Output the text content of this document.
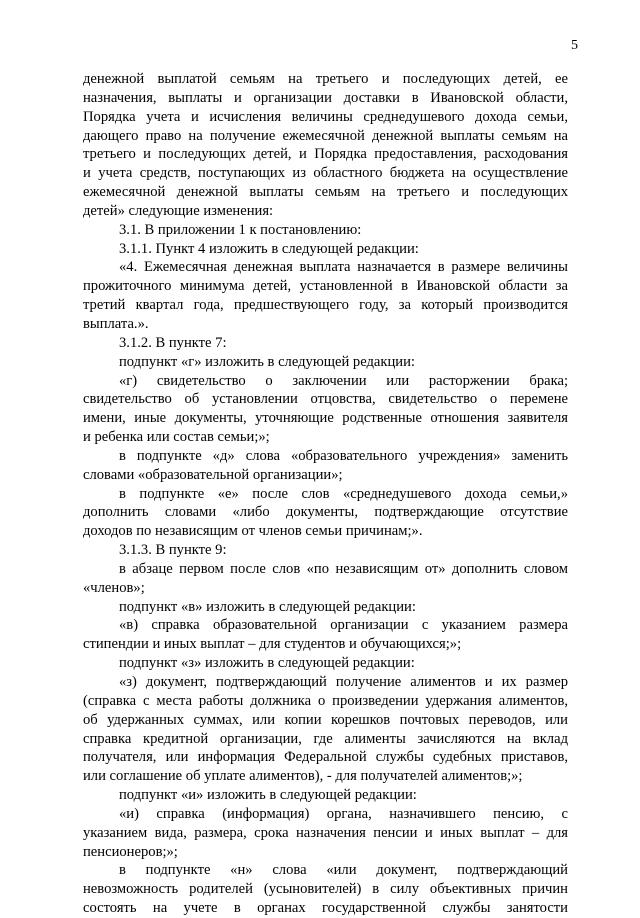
5
денежной выплатой семьям на третьего и последующих детей, ее
назначения, выплаты и организации доставки в Ивановской области,
Порядка учета и исчисления величины среднедушевого дохода семьи,
дающего право на получение ежемесячной денежной выплаты семьям на
третьего и последующих детей, и Порядка предоставления, расходования
и учета средств, поступающих из областного бюджета на осуществление
ежемесячной денежной выплаты семьям на третьего и последующих
детей» следующие изменения:
3.1. В приложении 1 к постановлению:
3.1.1. Пункт 4 изложить в следующей редакции:
«4. Ежемесячная денежная выплата назначается в размере величины
прожиточного минимума детей, установленной в Ивановской области за
третий квартал года, предшествующего году, за который производится
выплата.».
3.1.2. В пункте 7:
подпункт «г» изложить в следующей редакции:
«г) свидетельство о заключении или расторжении брака;
свидетельство об установлении отцовства, свидетельство о перемене
имени, иные документы, уточняющие родственные отношения заявителя
и ребенка или состав семьи;»;
в подпункте «д» слова «образовательного учреждения» заменить
словами «образовательной организации»;
в подпункте «е» после слов «среднедушевого дохода семьи,»
дополнить словами «либо документы, подтверждающие отсутствие
доходов по независящим от членов семьи причинам;».
3.1.3. В пункте 9:
в абзаце первом после слов «по независящим от» дополнить словом
«членов»;
подпункт «в» изложить в следующей редакции:
«в) справка образовательной организации с указанием размера
стипендии и иных выплат – для студентов и обучающихся;»;
подпункт «з» изложить в следующей редакции:
«з) документ, подтверждающий получение алиментов и их размер
(справка с места работы должника о произведении удержания алиментов,
об удержанных суммах, или копии корешков почтовых переводов, или
справка кредитной организации, где алименты зачисляются на вклад
получателя, или информация Федеральной службы судебных приставов,
или соглашение об уплате алиментов), - для получателей алиментов;»;
подпункт «и» изложить в следующей редакции:
«и) справка (информация) органа, назначившего пенсию, с
указанием вида, размера, срока назначения пенсии и иных выплат – для
пенсионеров;»;
в подпункте «н» слова «или документ, подтверждающий
невозможность родителей (усыновителей) в силу объективных причин
состоять на учете в органах государственной службы занятости
